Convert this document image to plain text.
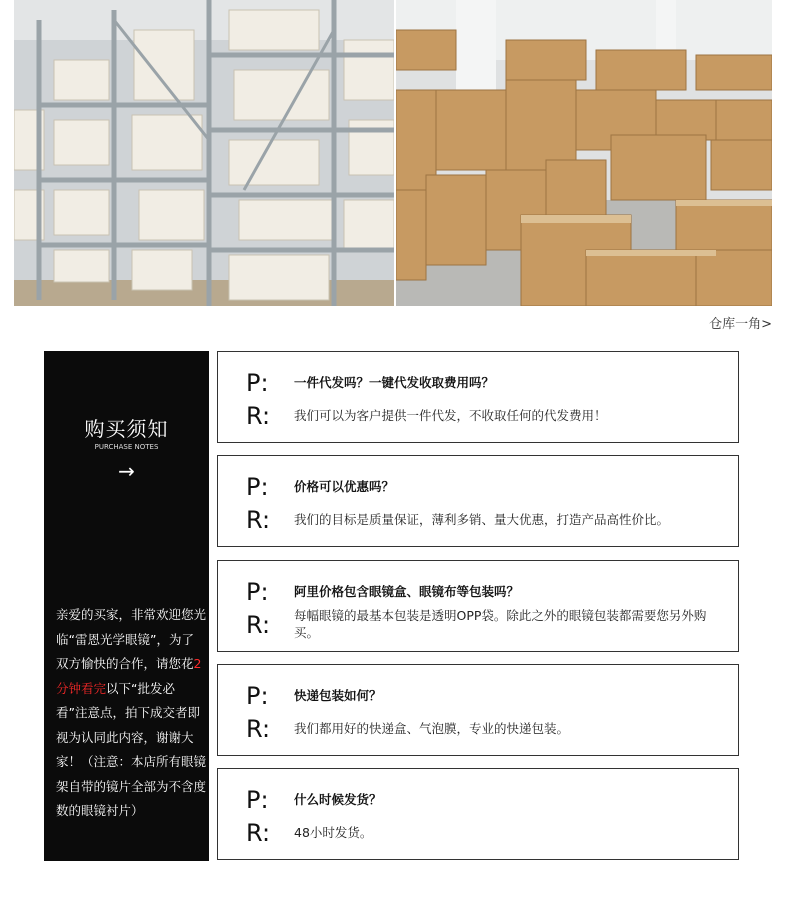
仓库一角>
购买须知
PURCHASE NOTES
→
亲爱的买家，非常欢迎您光临“雷恩光学眼镜”，为了双方愉快的合作，请您花2分钟看完以下“批发必看”注意点，拍下成交者即视为认同此内容，谢谢大家！（注意：本店所有眼镜架自带的镜片全部为不含度数的眼镜衬片）
P: 一件代发吗？一键代发收取费用吗？
R: 我们可以为客户提供一件代发，不收取任何的代发费用！
P: 价格可以优惠吗？
R: 我们的目标是质量保证，薄利多销、量大优惠，打造产品高性价比。
P: 阿里价格包含眼镜盒、眼镜布等包装吗？
R: 每幅眼镜的最基本包装是透明OPP袋。除此之外的眼镜包装都需要您另外购买。
P: 快递包装如何？
R: 我们都用好的快递盒、气泡膜，专业的快递包装。
P: 什么时候发货？
R: 48小时发货。
